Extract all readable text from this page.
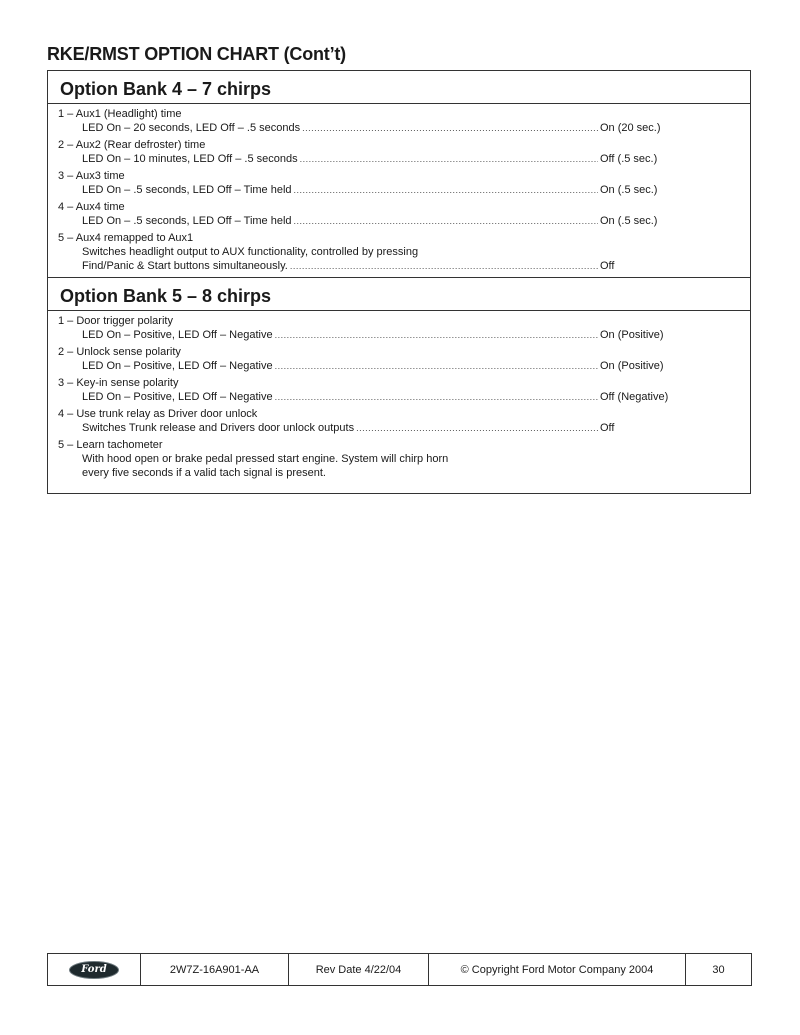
RKE/RMST OPTION CHART (Cont’t)
Option Bank 4 – 7 chirps
1 – Aux1 (Headlight) time
LED On – 20 seconds, LED Off – .5 seconds .....	On (20 sec.)
2 – Aux2 (Rear defroster) time
LED On – 10 minutes, LED Off – .5 seconds .....	Off (.5 sec.)
3 – Aux3 time
LED On – .5 seconds, LED Off – Time held .....	On (.5 sec.)
4 – Aux4 time
LED On – .5 seconds, LED Off – Time held .....	On (.5 sec.)
5 – Aux4 remapped to Aux1
Switches headlight output to AUX functionality, controlled by pressing
Find/Panic & Start buttons simultaneously. .....	Off
Option Bank 5 – 8 chirps
1 – Door trigger polarity
LED On – Positive, LED Off – Negative .....	On (Positive)
2 – Unlock sense polarity
LED On – Positive, LED Off – Negative .....	On (Positive)
3 – Key-in sense polarity
LED On – Positive, LED Off – Negative .....	Off (Negative)
4 – Use trunk relay as Driver door unlock
Switches Trunk release and Drivers door unlock outputs .....	Off
5 – Learn tachometer
With hood open or brake pedal pressed start engine. System will chirp horn
every five seconds if a valid tach signal is present.
Ford	2W7Z-16A901-AA	Rev Date 4/22/04	© Copyright Ford Motor Company 2004	30
